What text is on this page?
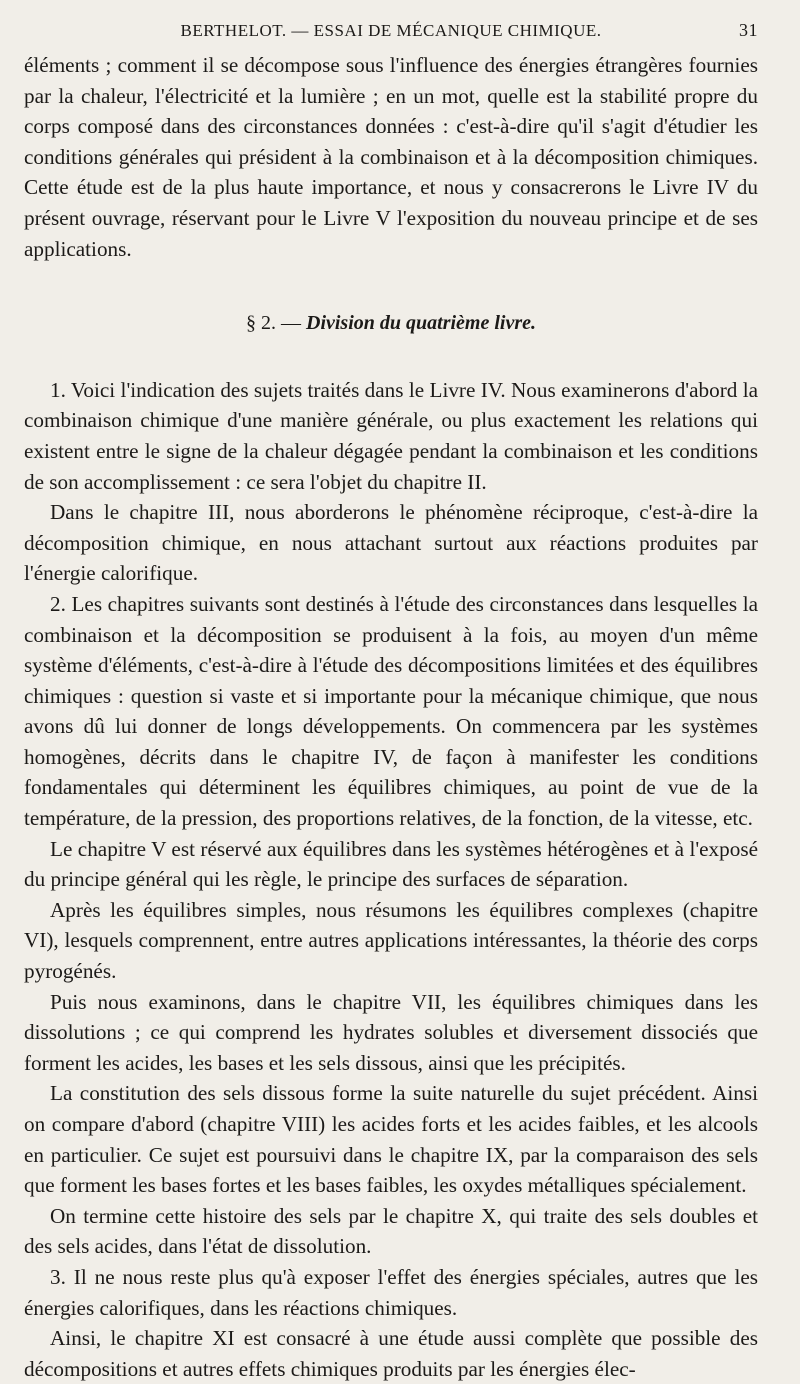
BERTHELOT. — ESSAI DE MÉCANIQUE CHIMIQUE.	31

éléments ; comment il se décompose sous l'influence des énergies étrangères fournies par la chaleur, l'électricité et la lumière ; en un mot, quelle est la stabilité propre du corps composé dans des circonstances données : c'est-à-dire qu'il s'agit d'étudier les conditions générales qui président à la combinaison et à la décomposition chimiques. Cette étude est de la plus haute importance, et nous y consacrerons le Livre IV du présent ouvrage, réservant pour le Livre V l'exposition du nouveau principe et de ses applications.

§ 2. — Division du quatrième livre.

1. Voici l'indication des sujets traités dans le Livre IV. Nous examinerons d'abord la combinaison chimique d'une manière générale, ou plus exactement les relations qui existent entre le signe de la chaleur dégagée pendant la combinaison et les conditions de son accomplissement : ce sera l'objet du chapitre II.

Dans le chapitre III, nous aborderons le phénomène réciproque, c'est-à-dire la décomposition chimique, en nous attachant surtout aux réactions produites par l'énergie calorifique.

2. Les chapitres suivants sont destinés à l'étude des circonstances dans lesquelles la combinaison et la décomposition se produisent à la fois, au moyen d'un même système d'éléments, c'est-à-dire à l'étude des décompositions limitées et des équilibres chimiques : question si vaste et si importante pour la mécanique chimique, que nous avons dû lui donner de longs développements. On commencera par les systèmes homogènes, décrits dans le chapitre IV, de façon à manifester les conditions fondamentales qui déterminent les équilibres chimiques, au point de vue de la température, de la pression, des proportions relatives, de la fonction, de la vitesse, etc.

Le chapitre V est réservé aux équilibres dans les systèmes hétérogènes et à l'exposé du principe général qui les règle, le principe des surfaces de séparation.

Après les équilibres simples, nous résumons les équilibres complexes (chapitre VI), lesquels comprennent, entre autres applications intéressantes, la théorie des corps pyrogénés.

Puis nous examinons, dans le chapitre VII, les équilibres chimiques dans les dissolutions ; ce qui comprend les hydrates solubles et diversement dissociés que forment les acides, les bases et les sels dissous, ainsi que les précipités.

La constitution des sels dissous forme la suite naturelle du sujet précédent. Ainsi on compare d'abord (chapitre VIII) les acides forts et les acides faibles, et les alcools en particulier. Ce sujet est poursuivi dans le chapitre IX, par la comparaison des sels que forment les bases fortes et les bases faibles, les oxydes métalliques spécialement.

On termine cette histoire des sels par le chapitre X, qui traite des sels doubles et des sels acides, dans l'état de dissolution.

3. Il ne nous reste plus qu'à exposer l'effet des énergies spéciales, autres que les énergies calorifiques, dans les réactions chimiques.

Ainsi, le chapitre XI est consacré à une étude aussi complète que possible des décompositions et autres effets chimiques produits par les énergies élec-
